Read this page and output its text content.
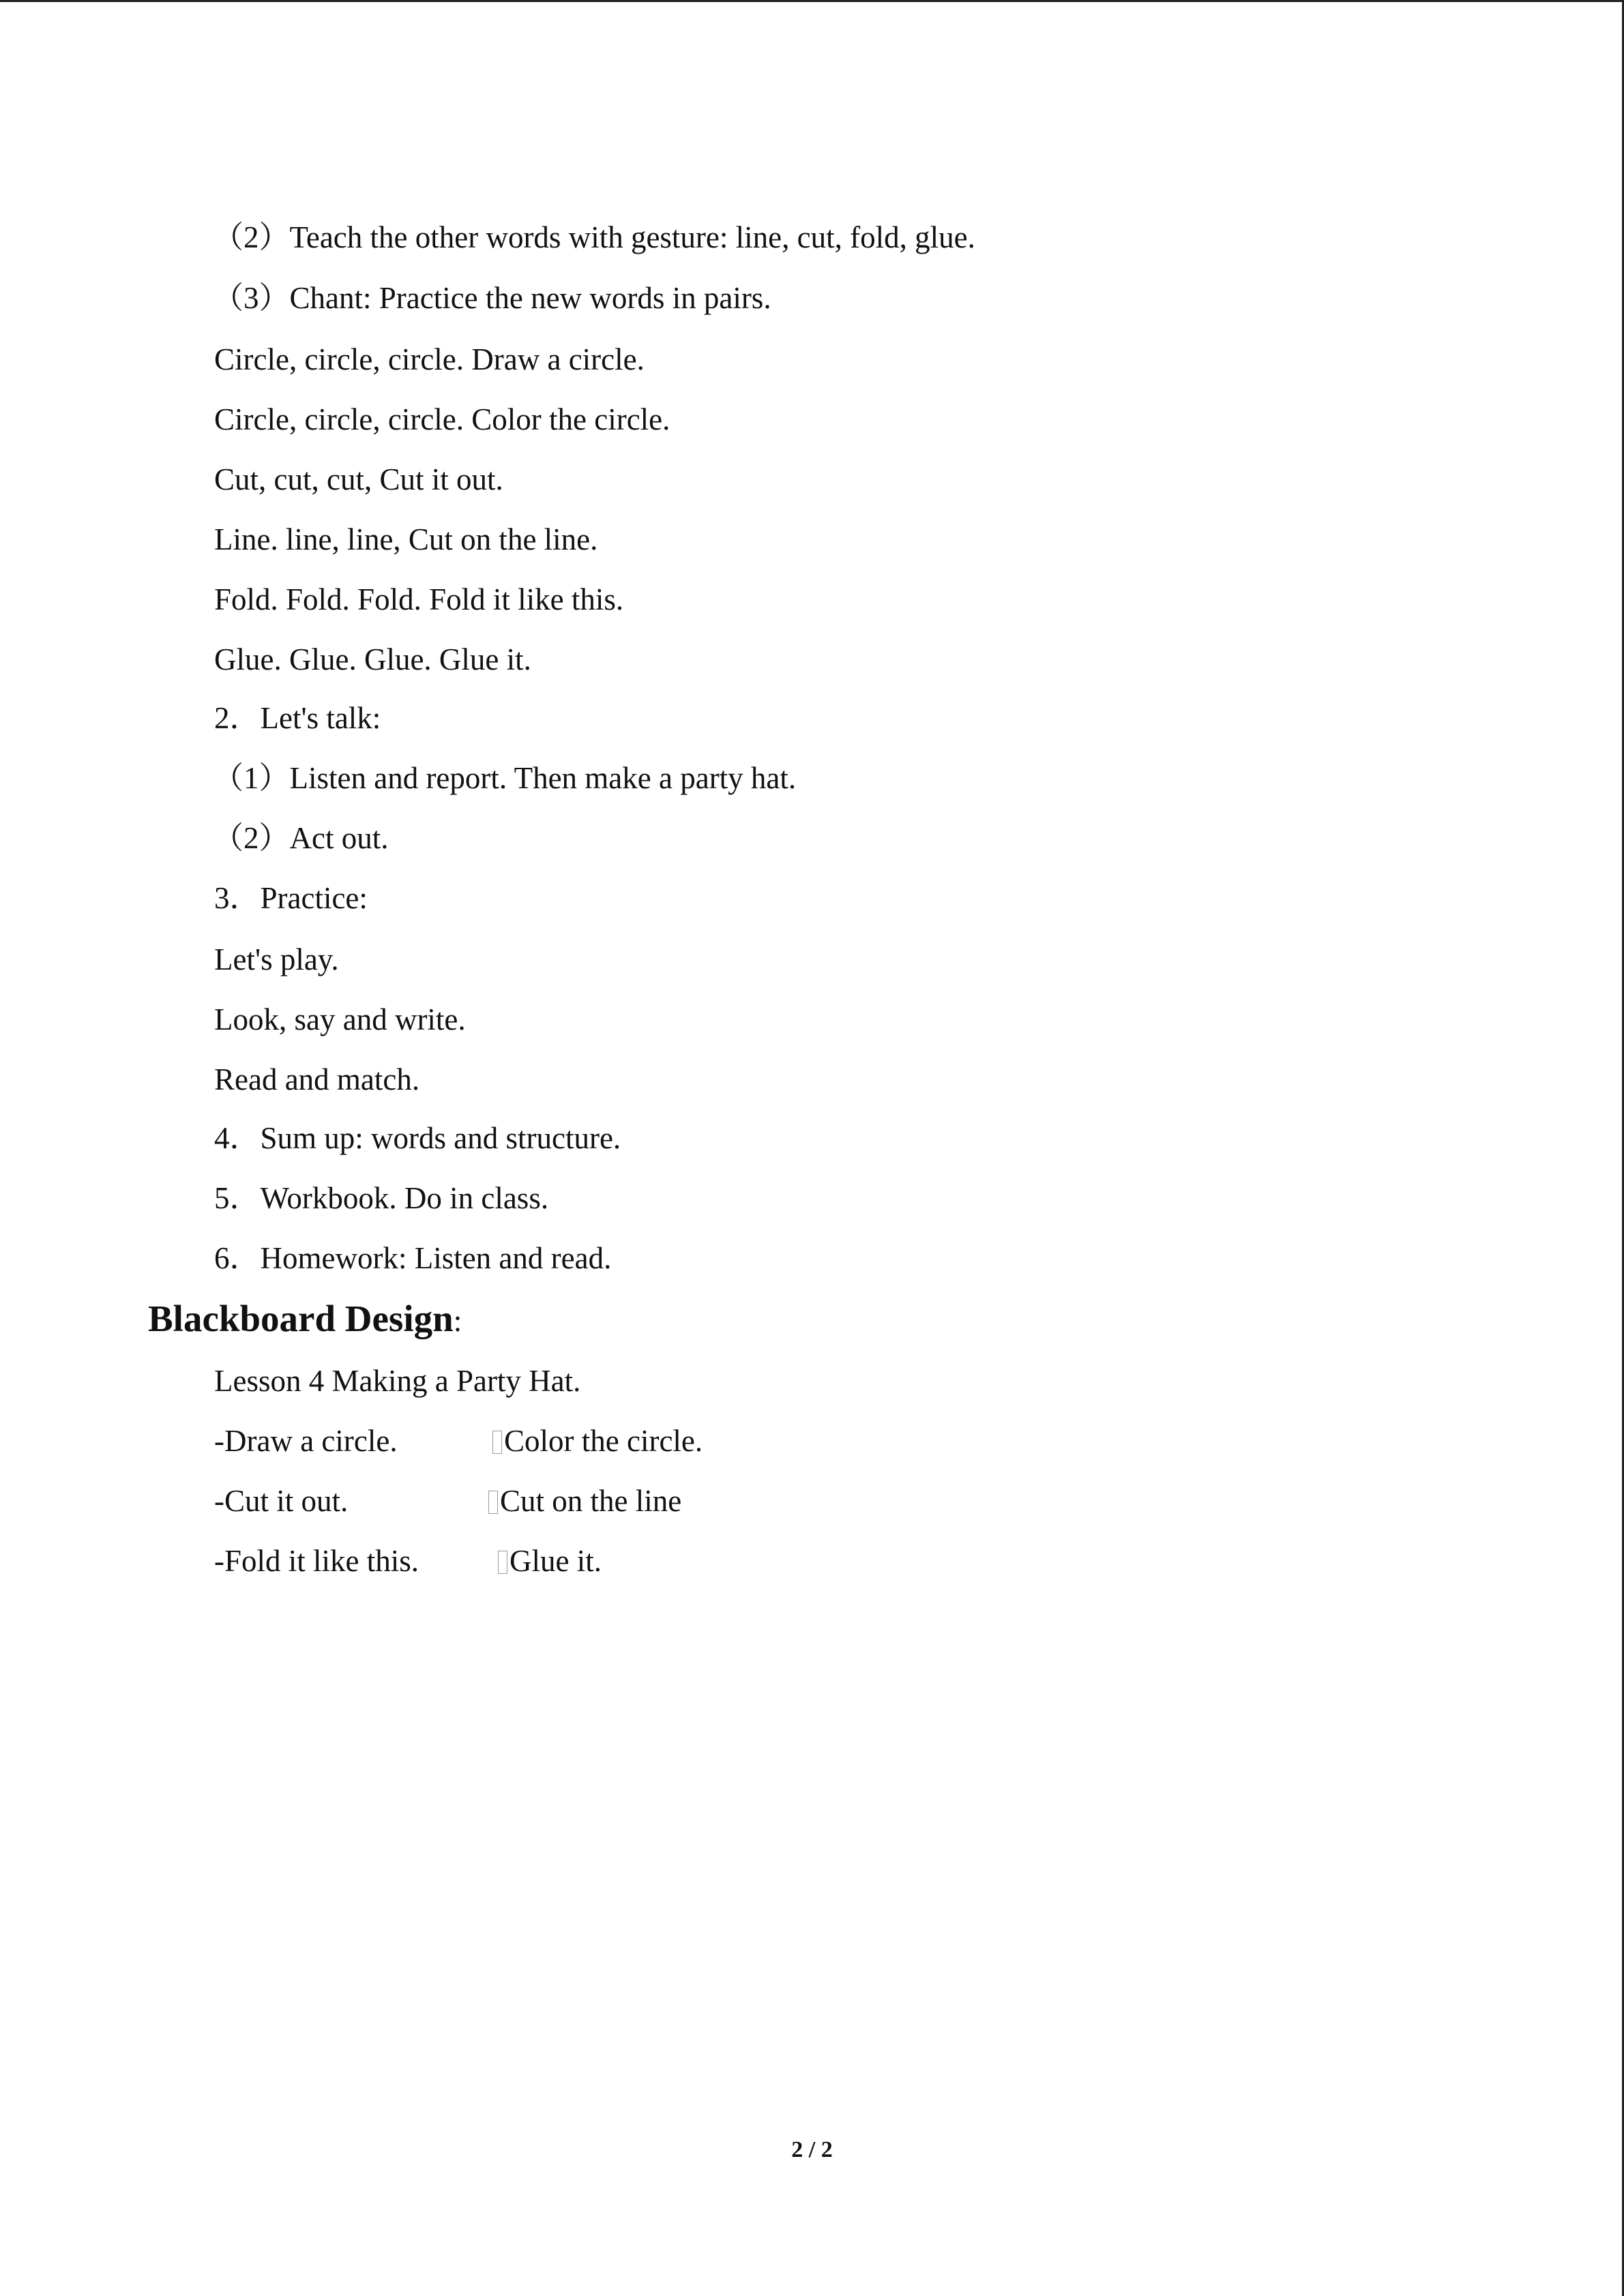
（2）Teach the other words with gesture: line, cut, fold, glue.
（3）Chant: Practice the new words in pairs.
Circle, circle, circle. Draw a circle.
Circle, circle, circle. Color the circle.
Cut, cut, cut, Cut it out.
Line. line, line, Cut on the line.
Fold. Fold. Fold. Fold it like this.
Glue. Glue. Glue. Glue it.
2．Let's talk:
（1）Listen and report. Then make a party hat.
（2）Act out.
3．Practice:
Let's play.
Look, say and write.
Read and match.
4．Sum up: words and structure.
5．Workbook. Do in class.
6．Homework: Listen and read.
Blackboard Design:
Lesson 4 Making a Party Hat.
-Draw a circle.	Color the circle.
-Cut it out.	Cut on the line
-Fold it like this.	Glue it.
2 / 2
